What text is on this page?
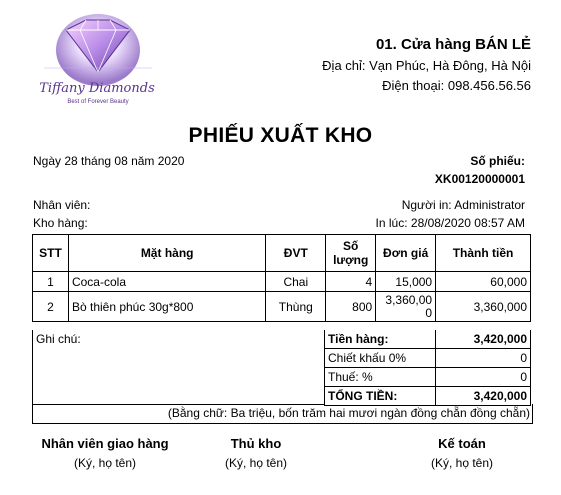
Tiffany Diamonds
Best of Forever Beauty
01. Cửa hàng BÁN LẺ
Địa chỉ: Vạn Phúc, Hà Đông, Hà Nội
Điện thoại: 098.456.56.56
PHIẾU XUẤT KHO
Ngày 28 tháng 08 năm 2020	Số phiếu:
XK00120000001
Nhân viên:
Kho hàng:
Người in: Administrator
In lúc: 28/08/2020 08:57 AM
STT	Mặt hàng	ĐVT	Số lượng	Đơn giá	Thành tiền
1	Coca-cola	Chai	4	15,000	60,000
2	Bò thiên phúc 30g*800	Thùng	800	3,360,000	3,360,000
Ghi chú:	Tiền hàng:	3,420,000
Chiết khấu 0%	0
Thuế: %	0
TỔNG TIỀN:	3,420,000
(Bằng chữ: Ba triệu, bốn trăm hai mươi ngàn đồng chẵn đồng chẵn)
Nhân viên giao hàng
(Ký, họ tên)
Thủ kho
(Ký, họ tên)
Kế toán
(Ký, họ tên)
